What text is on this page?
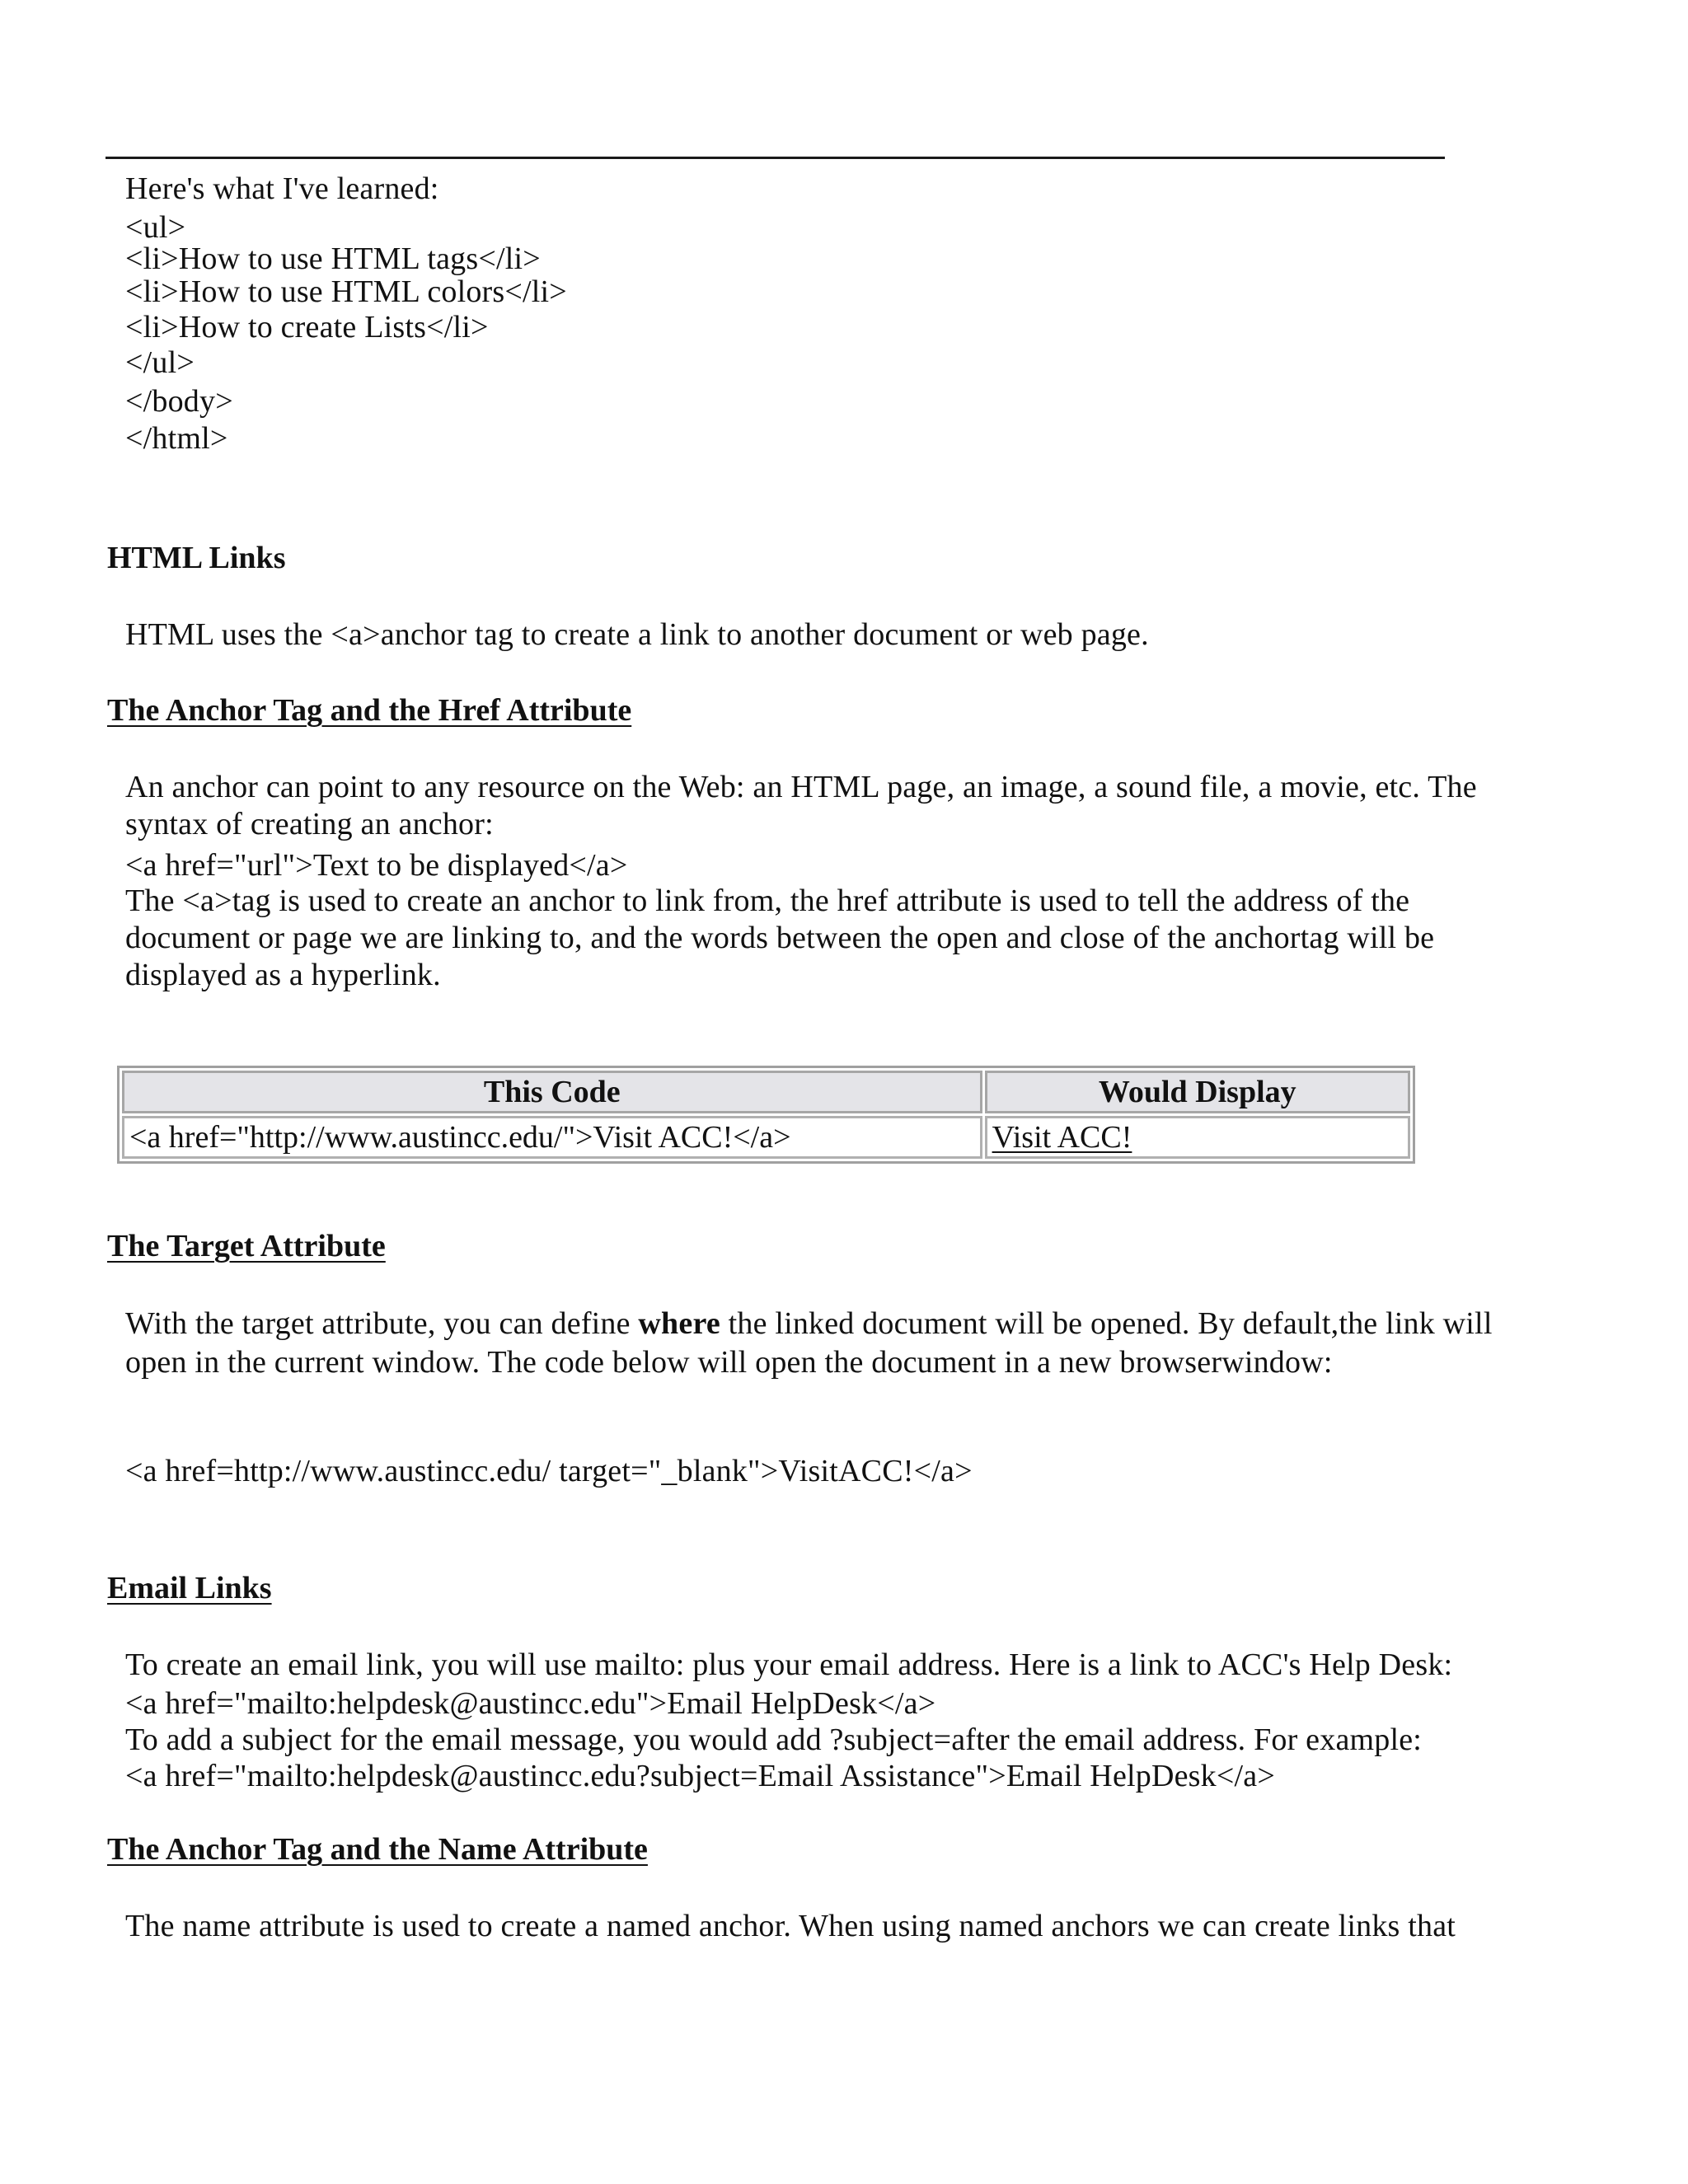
Here's what I've learned:
<ul>
<li>How to use HTML tags</li>
<li>How to use HTML colors</li>
<li>How to create Lists</li>
</ul>
</body>
</html>
HTML Links
HTML uses the <a>anchor tag to create a link to another document or web page.
The Anchor Tag and the Href Attribute
An anchor can point to any resource on the Web: an HTML page, an image, a sound file, a movie, etc. The syntax of creating an anchor:
<a href="url">Text to be displayed</a>
The <a>tag is used to create an anchor to link from, the href attribute is used to tell the address of the document or page we are linking to, and the words between the open and close of the anchortag will be displayed as a hyperlink.
This Code	Would Display
<a href="http://www.austincc.edu/">Visit ACC!</a>	Visit ACC!
The Target Attribute
With the target attribute, you can define where the linked document will be opened. By default,the link will open in the current window. The code below will open the document in a new browserwindow:
<a href=http://www.austincc.edu/ target="_blank">VisitACC!</a>
Email Links
To create an email link, you will use mailto: plus your email address. Here is a link to ACC's Help Desk:
<a href="mailto:helpdesk@austincc.edu">Email HelpDesk</a>
To add a subject for the email message, you would add ?subject=after the email address. For example:
<a href="mailto:helpdesk@austincc.edu?subject=Email Assistance">Email HelpDesk</a>
The Anchor Tag and the Name Attribute
The name attribute is used to create a named anchor. When using named anchors we can create links that
